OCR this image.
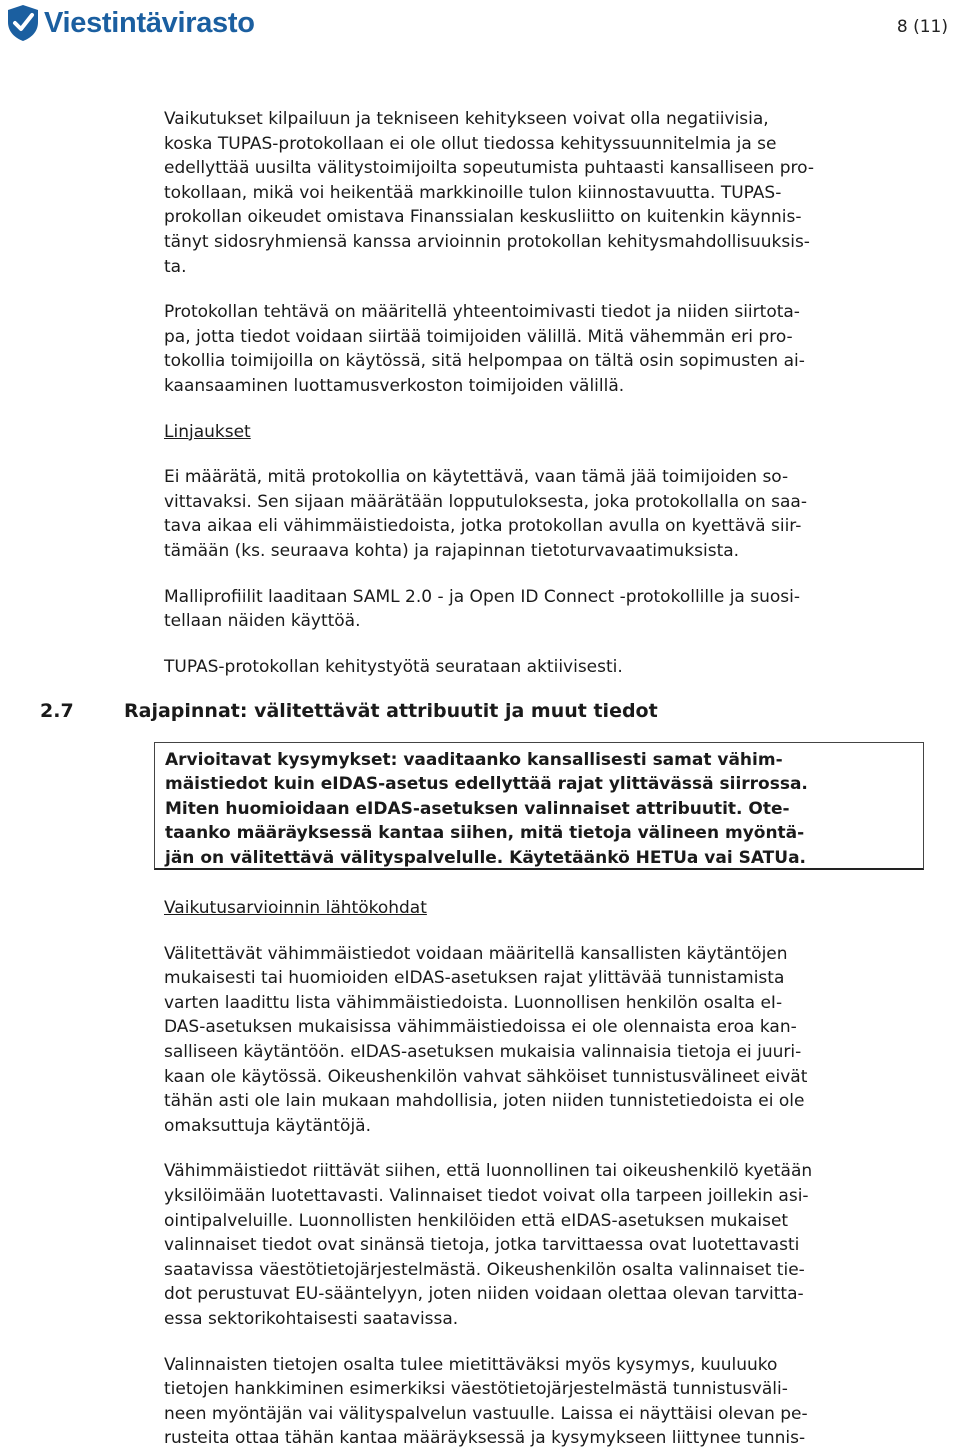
Viestintävirasto	8 (11)

Vaikutukset kilpailuun ja tekniseen kehitykseen voivat olla negatiivisia,
koska TUPAS-protokollaan ei ole ollut tiedossa kehityssuunnitelmia ja se
edellyttää uusilta välitystoimijoilta sopeutumista puhtaasti kansalliseen pro-
tokollaan, mikä voi heikentää markkinoille tulon kiinnostavuutta. TUPAS-
prokollan oikeudet omistava Finanssialan keskusliitto on kuitenkin käynnis-
tänyt sidosryhmiensä kanssa arvioinnin protokollan kehitysmahdollisuuksis-
ta.

Protokollan tehtävä on määritellä yhteentoimivasti tiedot ja niiden siirtota-
pa, jotta tiedot voidaan siirtää toimijoiden välillä. Mitä vähemmän eri pro-
tokollia toimijoilla on käytössä, sitä helpompaa on tältä osin sopimusten ai-
kaansaaminen luottamusverkoston toimijoiden välillä.

Linjaukset

Ei määrätä, mitä protokollia on käytettävä, vaan tämä jää toimijoiden so-
vittavaksi. Sen sijaan määrätään lopputuloksesta, joka protokollalla on saa-
tava aikaa eli vähimmäistiedoista, jotka protokollan avulla on kyettävä siir-
tämään (ks. seuraava kohta) ja rajapinnan tietoturvavaatimuksista.

Malliprofiilit laaditaan SAML 2.0 - ja Open ID Connect -protokollille ja suosi-
tellaan näiden käyttöä.

TUPAS-protokollan kehitystyötä seurataan aktiivisesti.

2.7	Rajapinnat: välitettävät attribuutit ja muut tiedot

Arvioitavat kysymykset: vaaditaanko kansallisesti samat vähim-
mäistiedot kuin eIDAS-asetus edellyttää rajat ylittävässä siirrossa.
Miten huomioidaan eIDAS-asetuksen valinnaiset attribuutit. Ote-
taanko määräyksessä kantaa siihen, mitä tietoja välineen myöntä-
jän on välitettävä välityspalvelulle. Käytetäänkö HETUa vai SATUa.

Vaikutusarvioinnin lähtökohdat

Välitettävät vähimmäistiedot voidaan määritellä kansallisten käytäntöjen
mukaisesti tai huomioiden eIDAS-asetuksen rajat ylittävää tunnistamista
varten laadittu lista vähimmäistiedoista. Luonnollisen henkilön osalta eI-
DAS-asetuksen mukaisissa vähimmäistiedoissa ei ole olennaista eroa kan-
salliseen käytäntöön. eIDAS-asetuksen mukaisia valinnaisia tietoja ei juuri-
kaan ole käytössä. Oikeushenkilön vahvat sähköiset tunnistusvälineet eivät
tähän asti ole lain mukaan mahdollisia, joten niiden tunnistetiedoista ei ole
omaksuttuja käytäntöjä.

Vähimmäistiedot riittävät siihen, että luonnollinen tai oikeushenkilö kyetään
yksilöimään luotettavasti. Valinnaiset tiedot voivat olla tarpeen joillekin asi-
ointipalveluille. Luonnollisten henkilöiden että eIDAS-asetuksen mukaiset
valinnaiset tiedot ovat sinänsä tietoja, jotka tarvittaessa ovat luotettavasti
saatavissa väestötietojärjestelmästä. Oikeushenkilön osalta valinnaiset tie-
dot perustuvat EU-sääntelyyn, joten niiden voidaan olettaa olevan tarvitta-
essa sektorikohtaisesti saatavissa.

Valinnaisten tietojen osalta tulee mietittäväksi myös kysymys, kuuluuko
tietojen hankkiminen esimerkiksi väestötietojärjestelmästä tunnistusväli-
neen myöntäjän vai välityspalvelun vastuulle. Laissa ei näyttäisi olevan pe-
rusteita ottaa tähän kantaa määräyksessä ja kysymykseen liittynee tunnis-
